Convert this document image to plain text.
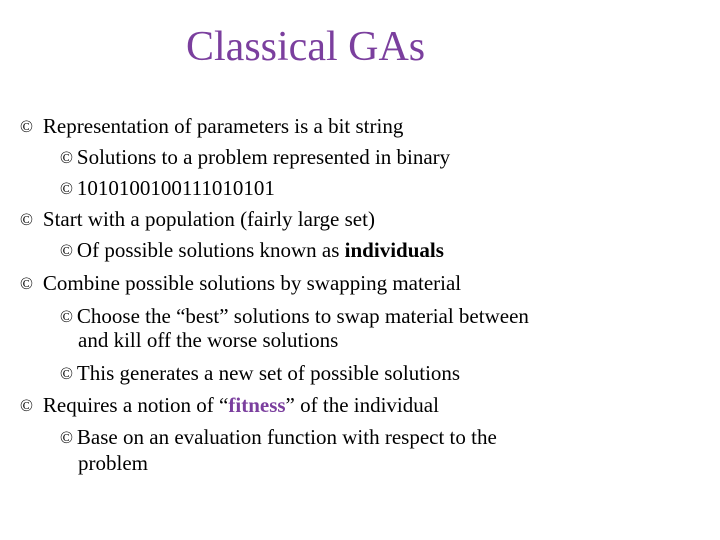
Classical GAs
© Representation of parameters is a bit string
© Solutions to a problem represented in binary
© 1010100100111010101
© Start with a population (fairly large set)
© Of possible solutions known as individuals
© Combine possible solutions by swapping material
© Choose the “best” solutions to swap material between
and kill off the worse solutions
© This generates a new set of possible solutions
© Requires a notion of “fitness” of the individual
© Base on an evaluation function with respect to the
problem
